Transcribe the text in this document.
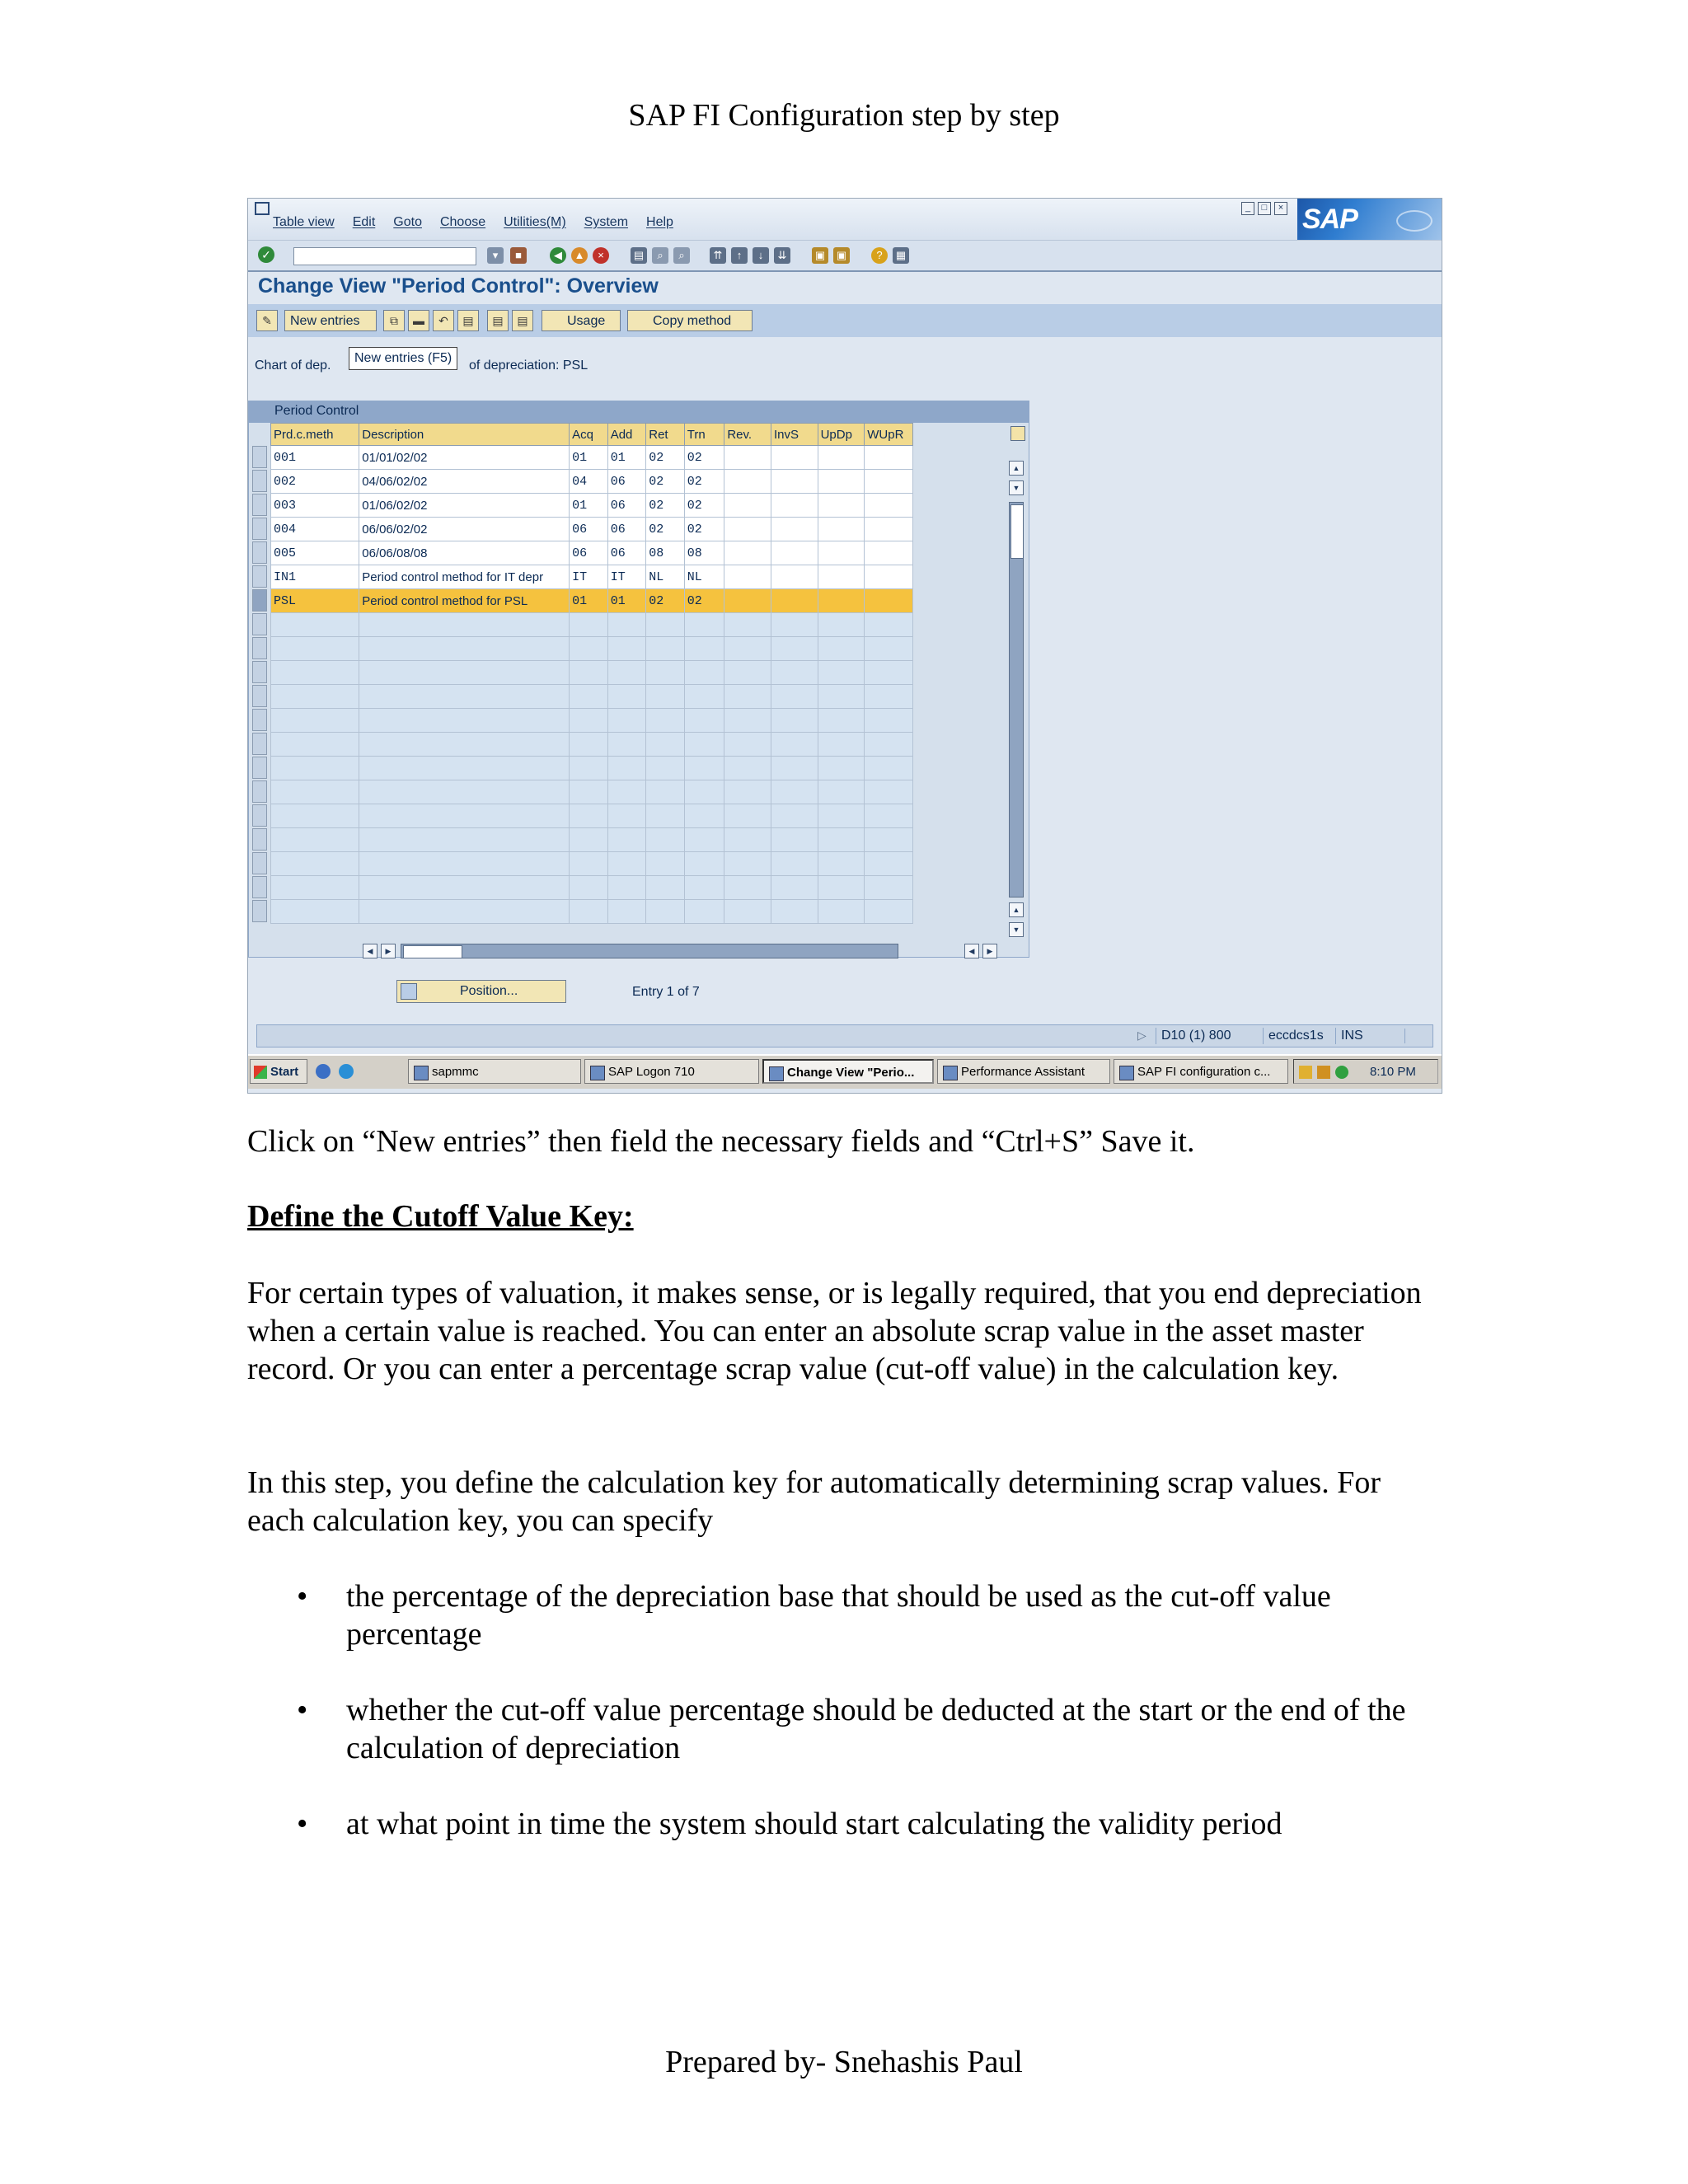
SAP FI Configuration step by step
Table view Edit Goto Choose Utilities(M) System Help
_	□	× SAP
✓	▾	■	◀	▲	×	▤	⌕	⌕	⇈	↑	↓	⇊	▣ ▣	?	▦
Change View "Period Control": Overview
✎	New entries	⧉	▬	↶	▤	▤	▤	Usage	Copy method
Chart of dep.
New entries (F5)
of depreciation: PSL
Period Control
Prd.c.meth	Description	Acq	Add	Ret	Trn	Rev.	InvS	UpDp	WUpR
001	01/01/02/02	01	01	02	02				
002	04/06/02/02	04	06	02	02				
003	01/06/02/02	01	06	02	02				
004	06/06/02/02	06	06	02	02				
005	06/06/08/08	06	06	08	08				
IN1	Period control method for IT depr	IT	IT	NL	NL				
PSL	Period control method for PSL	01	01	02	02				

▲
▼
▲
▼
◀	▶	◀	▶
Position...	Entry 1 of 7
▷	D10 (1) 800	eccdcs1s	INS
Start	sapmmc	SAP Logon 710	Change View "Perio...	Performance Assistant	SAP FI configuration c...	8:10 PM

Click on “New entries” then field the necessary fields and “Ctrl+S” Save it.

Define the Cutoff Value Key:

For certain types of valuation, it makes sense, or is legally required, that you end depreciation when a certain value is reached. You can enter an absolute scrap value in the asset master record. Or you can enter a percentage scrap value (cut-off value) in the calculation key.

In this step, you define the calculation key for automatically determining scrap values. For each calculation key, you can specify

• the percentage of the depreciation base that should be used as the cut-off value percentage
• whether the cut-off value percentage should be deducted at the start or the end of the calculation of depreciation
• at what point in time the system should start calculating the validity period
Prepared by- Snehashis Paul
